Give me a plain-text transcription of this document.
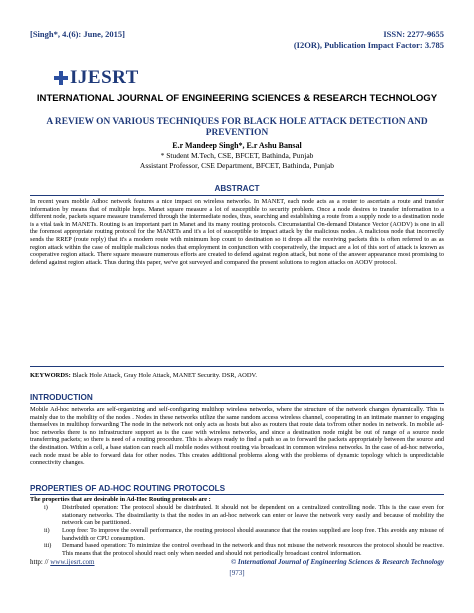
[Singh*, 4.(6): June, 2015]	ISSN: 2277-9655
(I2OR), Publication Impact Factor: 3.785
IJESRT
INTERNATIONAL JOURNAL OF ENGINEERING SCIENCES & RESEARCH TECHNOLOGY
A REVIEW ON VARIOUS TECHNIQUES FOR BLACK HOLE ATTACK DETECTION AND PREVENTION
E.r Mandeep Singh*, E.r Ashu Bansal
* Student M.Tech, CSE, BFCET, Bathinda, Punjab
Assistant Professor, CSE Department, BFCET, Bathinda, Punjab
ABSTRACT
In recent years mobile Adhoc network features a nice impact on wireless networks. In MANET, each node acts as a router to ascertain a route and transfer information by means that of multiple hops. Manet square measure a lot of susceptible to security problem. Once a node desires to transfer information to a different node, packets square measure transferred through the intermediate nodes, thus, searching and establishing a route from a supply node to a destination node is a vital task in MANETs. Routing is an important part in Manet and its many routing protocols. Circumstantial On-demand Distance Vector (AODV) is one in all the foremost appropriate routing protocol for the MANETs and it's a lot of susceptible to impact attack by the malicious nodes. A malicious node that incorrectly sends the RREP (route reply) that it's a modern route with minimum hop count to destination so it drops all the receiving packets this is often referred to as as region attack within the case of multiple malicious nodes that employment in conjunction with cooperatively, the impact are a lot of this sort of attack is known as cooperative region attack. There square measure numerous efforts are created to defend against region attack, but none of the answer appearance most promising to defend against region attack. Thus during this paper, we've got surveyed and compared the present solutions to region attacks on AODV protocol.
KEYWORDS: Black Hole Attack, Gray Hole Attack, MANET Security. DSR, AODV.
INTRODUCTION
Mobile Ad-hoc networks are self-organizing and self-configuring multihop wireless networks, where the structure of the network changes dynamically. This is mainly due to the mobility of the nodes . Nodes in these networks utilize the same random access wireless channel, cooperating in an intimate manner to engaging themselves in multihop forwarding The node in the network not only acts as hosts but also as routers that route data to/from other nodes in network. In mobile ad-hoc networks there is no infrastructure support as is the case with wireless networks, and since a destination node might be out of range of a source node transferring packets; so there is need of a routing procedure. This is always ready to find a path so as to forward the packets appropriately between the source and the destination. Within a cell, a base station can reach all mobile nodes without routing via broadcast in common wireless networks. In the case of ad-hoc networks, each node must be able to forward data for other nodes. This creates additional problems along with the problems of dynamic topology which is unpredictable connectivity changes.
PROPERTIES OF AD-HOC ROUTING PROTOCOLS
The properties that are desirable in Ad-Hoc Routing protocols are :
i) Distributed operation: The protocol should be distributed. It should not be dependent on a centralized controlling node. This is the case even for stationary networks. The dissimilarity is that the nodes in an ad-hoc network can enter or leave the network very easily and because of mobility the network can be partitioned.
ii) Loop free: To improve the overall performance, the routing protocol should assurance that the routes supplied are loop free. This avoids any misuse of bandwidth or CPU consumption.
iii) Demand based operation: To minimize the control overhead in the network and thus not misuse the network resources the protocol should be reactive. This means that the protocol should react only when needed and should not periodically broadcast control information.
http: // www.ijesrt.com	© International Journal of Engineering Sciences & Research Technology
[973]
